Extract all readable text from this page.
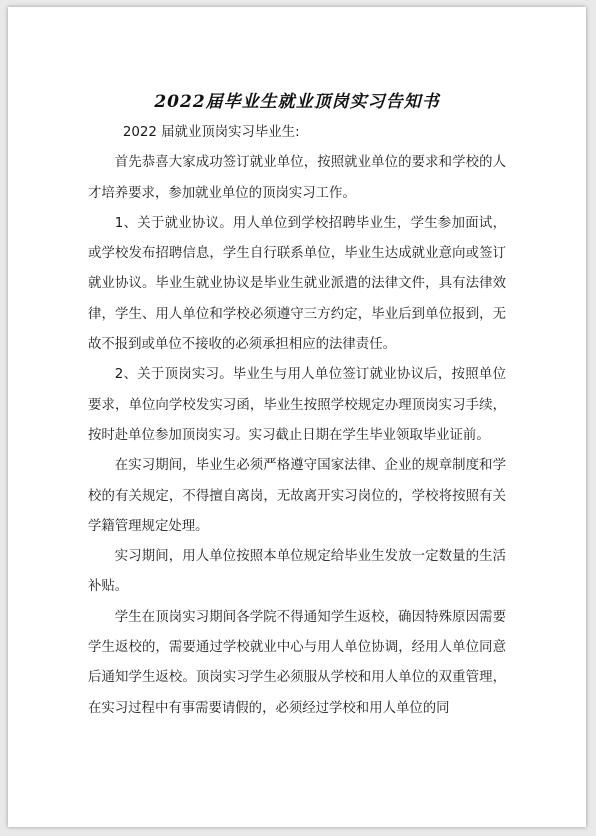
2022届毕业生就业顶岗实习告知书

2022 届就业顶岗实习毕业生:

首先恭喜大家成功签订就业单位，按照就业单位的要求和学校的人才培养要求，参加就业单位的顶岗实习工作。

1、关于就业协议。用人单位到学校招聘毕业生，学生参加面试，或学校发布招聘信息，学生自行联系单位，毕业生达成就业意向或签订就业协议。毕业生就业协议是毕业生就业派遣的法律文件，具有法律效律，学生、用人单位和学校必须遵守三方约定，毕业后到单位报到，无故不报到或单位不接收的必须承担相应的法律责任。

2、关于顶岗实习。毕业生与用人单位签订就业协议后，按照单位要求，单位向学校发实习函，毕业生按照学校规定办理顶岗实习手续，按时赴单位参加顶岗实习。实习截止日期在学生毕业领取毕业证前。

在实习期间，毕业生必须严格遵守国家法律、企业的规章制度和学校的有关规定，不得擅自离岗，无故离开实习岗位的，学校将按照有关学籍管理规定处理。

实习期间，用人单位按照本单位规定给毕业生发放一定数量的生活补贴。

学生在顶岗实习期间各学院不得通知学生返校，确因特殊原因需要学生返校的，需要通过学校就业中心与用人单位协调，经用人单位同意后通知学生返校。顶岗实习学生必须服从学校和用人单位的双重管理，在实习过程中有事需要请假的，必须经过学校和用人单位的同
